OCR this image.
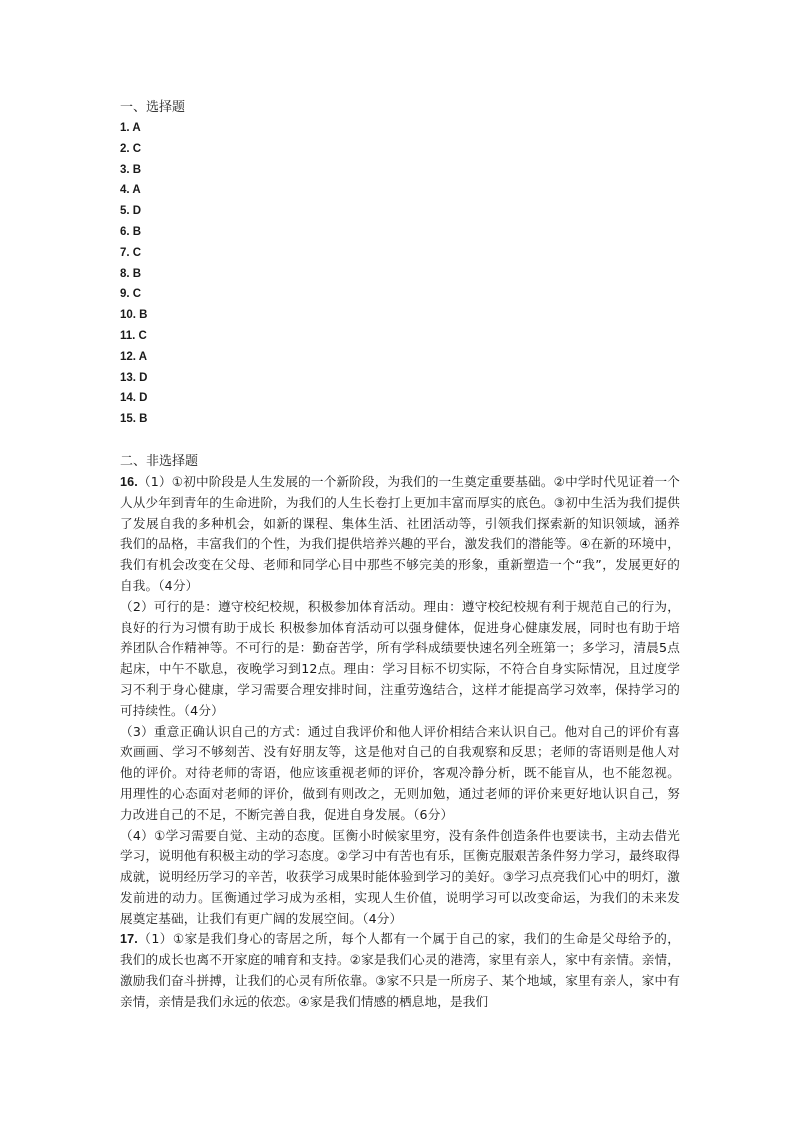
一、选择题

1. A
2. C
3. B
4. A
5. D
6. B
7. C
8. B
9. C
10. B
11. C
12. A
13. D
14. D
15. B

二、非选择题

16.（1）①初中阶段是人生发展的一个新阶段，为我们的一生奠定重要基础。②中学时代见证着一个人从少年到青年的生命进阶，为我们的人生长卷打上更加丰富而厚实的底色。③初中生活为我们提供了发展自我的多种机会，如新的课程、集体生活、社团活动等，引领我们探索新的知识领域，涵养我们的品格，丰富我们的个性，为我们提供培养兴趣的平台，激发我们的潜能等。④在新的环境中，我们有机会改变在父母、老师和同学心目中那些不够完美的形象，重新塑造一个“我”，发展更好的自我。（4分）

（2）可行的是：遵守校纪校规，积极参加体育活动。理由：遵守校纪校规有利于规范自己的行为，良好的行为习惯有助于成长 积极参加体育活动可以强身健体，促进身心健康发展，同时也有助于培养团队合作精神等。不可行的是：勤奋苦学，所有学科成绩要快速名列全班第一；多学习，清晨5点起床，中午不歇息，夜晚学习到12点。理由：学习目标不切实际，不符合自身实际情况，且过度学习不利于身心健康，学习需要合理安排时间，注重劳逸结合，这样才能提高学习效率，保持学习的可持续性。（4分）

（3）重意正确认识自己的方式：通过自我评价和他人评价相结合来认识自己。他对自己的评价有喜欢画画、学习不够刻苦、没有好朋友等，这是他对自己的自我观察和反思；老师的寄语则是他人对他的评价。对待老师的寄语，他应该重视老师的评价，客观冷静分析，既不能盲从，也不能忽视。用理性的心态面对老师的评价，做到有则改之，无则加勉，通过老师的评价来更好地认识自己，努力改进自己的不足，不断完善自我，促进自身发展。（6分）

（4）①学习需要自觉、主动的态度。匡衡小时候家里穷，没有条件创造条件也要读书，主动去借光学习，说明他有积极主动的学习态度。②学习中有苦也有乐，匡衡克服艰苦条件努力学习，最终取得成就，说明经历学习的辛苦，收获学习成果时能体验到学习的美好。③学习点亮我们心中的明灯，激发前进的动力。匡衡通过学习成为丞相，实现人生价值，说明学习可以改变命运，为我们的未来发展奠定基础，让我们有更广阔的发展空间。（4分）

17.（1）①家是我们身心的寄居之所，每个人都有一个属于自己的家，我们的生命是父母给予的，我们的成长也离不开家庭的哺育和支持。②家是我们心灵的港湾，家里有亲人，家中有亲情。亲情，激励我们奋斗拼搏，让我们的心灵有所依靠。③家不只是一所房子、某个地域，家里有亲人，家中有亲情，亲情是我们永远的依恋。④家是我们情感的栖息地，是我们
